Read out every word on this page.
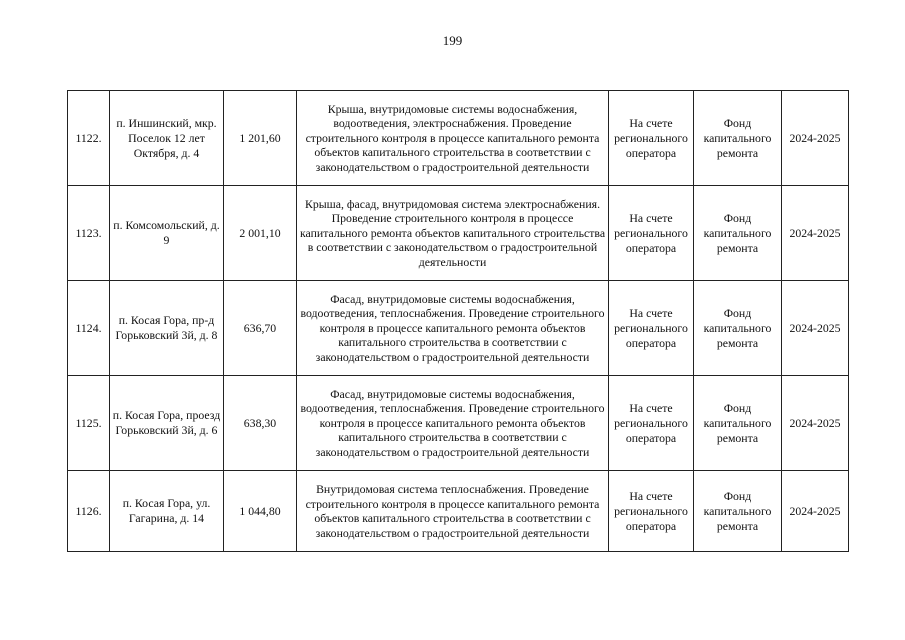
199
1122.	п. Иншинский, мкр. Поселок 12 лет Октября, д. 4	1 201,60	Крыша, внутридомовые системы водоснабжения, водоотведения, электроснабжения. Проведение строительного контроля в процессе капитального ремонта объектов капитального строительства в соответствии с законодательством о градостроительной деятельности	На счете регионального оператора	Фонд капитального ремонта	2024-2025
1123.	п. Комсомольский, д. 9	2 001,10	Крыша, фасад, внутридомовая система электроснабжения. Проведение строительного контроля в процессе капитального ремонта объектов капитального строительства в соответствии с законодательством о градостроительной деятельности	На счете регионального оператора	Фонд капитального ремонта	2024-2025
1124.	п. Косая Гора, пр-д Горьковский 3й, д. 8	636,70	Фасад, внутридомовые системы водоснабжения, водоотведения, теплоснабжения. Проведение строительного контроля в процессе капитального ремонта объектов капитального строительства в соответствии с законодательством о градостроительной деятельности	На счете регионального оператора	Фонд капитального ремонта	2024-2025
1125.	п. Косая Гора, проезд Горьковский 3й, д. 6	638,30	Фасад, внутридомовые системы водоснабжения, водоотведения, теплоснабжения. Проведение строительного контроля в процессе капитального ремонта объектов капитального строительства в соответствии с законодательством о градостроительной деятельности	На счете регионального оператора	Фонд капитального ремонта	2024-2025
1126.	п. Косая Гора, ул. Гагарина, д. 14	1 044,80	Внутридомовая система теплоснабжения. Проведение строительного контроля в процессе капитального ремонта объектов капитального строительства в соответствии с законодательством о градостроительной деятельности	На счете регионального оператора	Фонд капитального ремонта	2024-2025
